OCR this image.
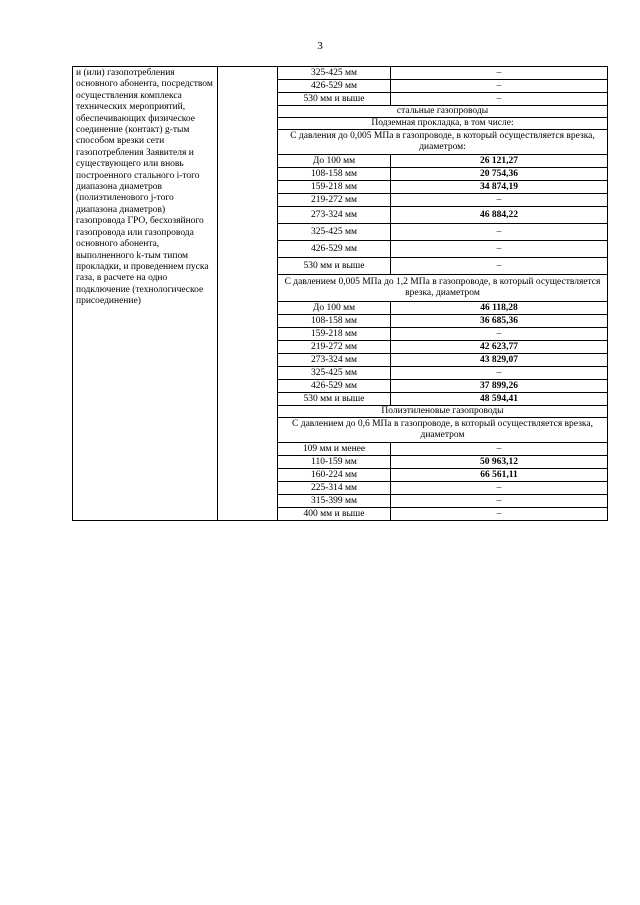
3
и (или) газопотребления основного абонента, посредством осуществления комплекса технических мероприятий, обеспечивающих физическое соединение (контакт) g-тым способом врезки сети газопотребления Заявителя и существующего или вновь построенного стального i-того диапазона диаметров (полиэтиленового j-того диапазона диаметров) газопровода ГРО, бесхозяйного газопровода или газопровода основного абонента, выполненного k-тым типом прокладки, и проведением пуска газа, в расчете на одно подключение (технологическое присоединение)		325-425 мм	–
		426-529 мм	–
		530 мм и выше	–
		стальные газопроводы	
		Подземная прокладка, в том числе:	
		С давления до 0,005 МПа в газопроводе, в который осуществляется врезка, диаметром:	
		До 100 мм	26 121,27
		108-158 мм	20 754,36
		159-218 мм	34 874,19
		219-272 мм	–
		273-324 мм	46 884,22
		325-425 мм	–
		426-529 мм	–
		530 мм и выше	–
		С давлением 0,005 МПа до 1,2 МПа в газопроводе, в который осуществляется врезка, диаметром	
		До 100 мм	46 118,28
		108-158 мм	36 685,36
		159-218 мм	–
		219-272 мм	42 623,77
		273-324 мм	43 829,07
		325-425 мм	–
		426-529 мм	37 899,26
		530 мм и выше	48 594,41
		Полиэтиленовые газопроводы	
		С давлением до 0,6 МПа в газопроводе, в который осуществляется врезка, диаметром	
		109 мм и менее	–
		110-159 мм	50 963,12
		160-224 мм	66 561,11
		225-314 мм	–
		315-399 мм	–
		400 мм и выше	–
